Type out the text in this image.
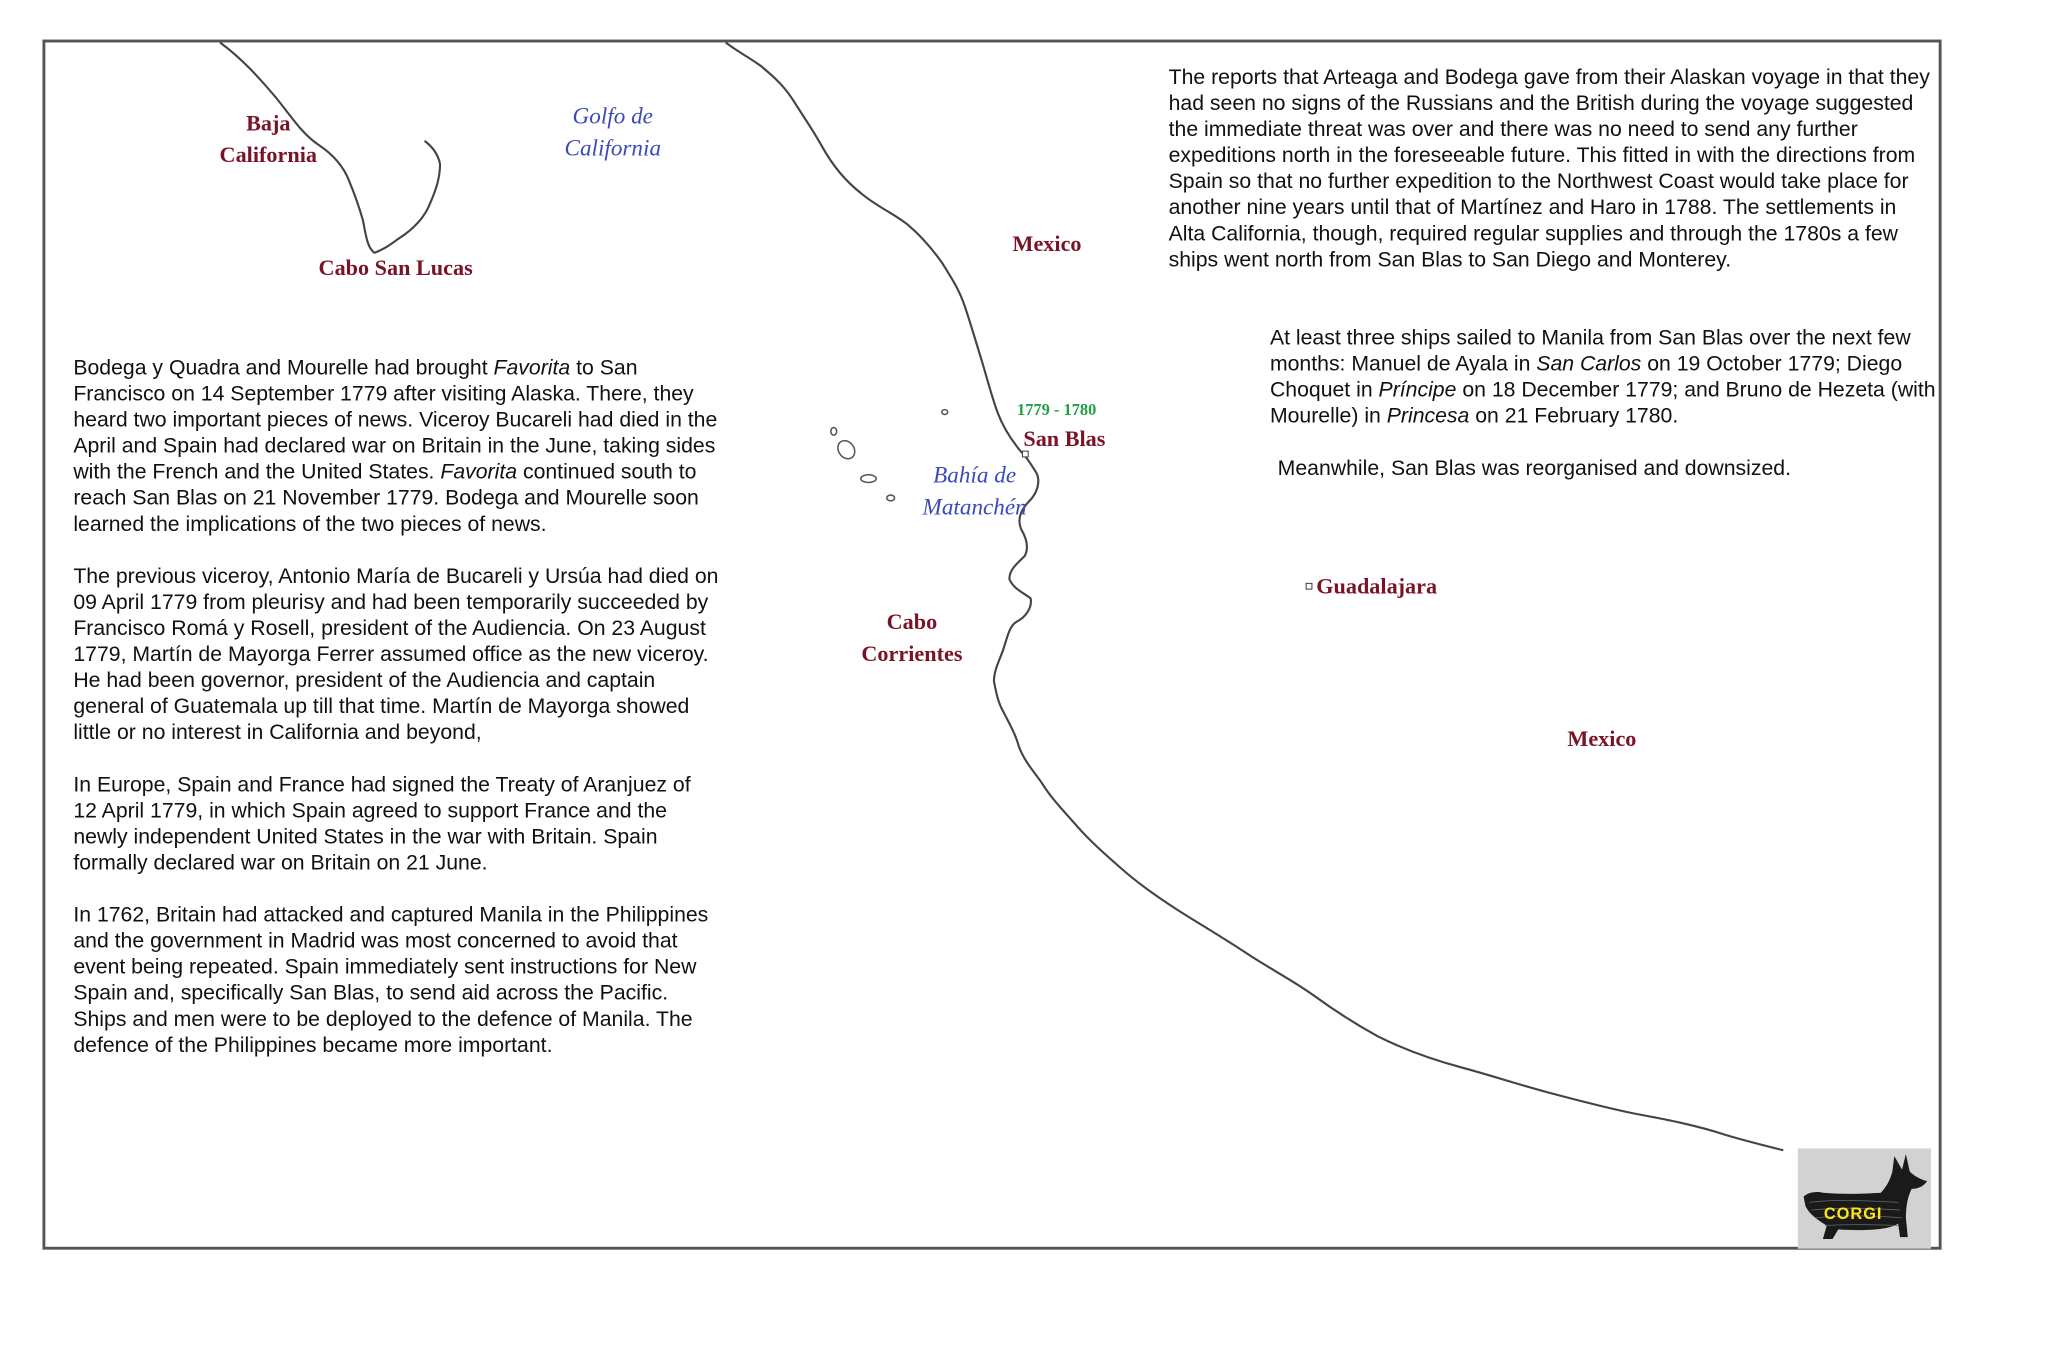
Baja
California
Golfo de
California
Cabo San Lucas
Mexico
1779 - 1780
San Blas
Bahía de
Matanchén
Cabo
Corrientes
Guadalajara
Mexico

Bodega y Quadra and Mourelle had brought Favorita to San Francisco on 14 September 1779 after visiting Alaska. There, they heard two important pieces of news. Viceroy Bucareli had died in the April and Spain had declared war on Britain in the June, taking sides with the French and the United States. Favorita continued south to reach San Blas on 21 November 1779. Bodega and Mourelle soon learned the implications of the two pieces of news.

The previous viceroy, Antonio María de Bucareli y Ursúa had died on 09 April 1779 from pleurisy and had been temporarily succeeded by Francisco Romá y Rosell, president of the Audiencia. On 23 August 1779, Martín de Mayorga Ferrer assumed office as the new viceroy. He had been governor, president of the Audiencia and captain general of Guatemala up till that time. Martín de Mayorga showed little or no interest in California and beyond,

In Europe, Spain and France had signed the Treaty of Aranjuez of 12 April 1779, in which Spain agreed to support France and the newly independent United States in the war with Britain. Spain formally declared war on Britain on 21 June.

In 1762, Britain had attacked and captured Manila in the Philippines and the government in Madrid was most concerned to avoid that event being repeated. Spain immediately sent instructions for New Spain and, specifically San Blas, to send aid across the Pacific. Ships and men were to be deployed to the defence of Manila. The defence of the Philippines became more important.

The reports that Arteaga and Bodega gave from their Alaskan voyage in that they had seen no signs of the Russians and the British during the voyage suggested the immediate threat was over and there was no need to send any further expeditions north in the foreseeable future. This fitted in with the directions from Spain so that no further expedition to the Northwest Coast would take place for another nine years until that of Martínez and Haro in 1788. The settlements in Alta California, though, required regular supplies and through the 1780s a few ships went north from San Blas to San Diego and Monterey.

At least three ships sailed to Manila from San Blas over the next few months: Manuel de Ayala in San Carlos on 19 October 1779; Diego Choquet in Príncipe on 18 December 1779; and Bruno de Hezeta (with Mourelle) in Princesa on 21 February 1780.

Meanwhile, San Blas was reorganised and downsized.

CORGI
